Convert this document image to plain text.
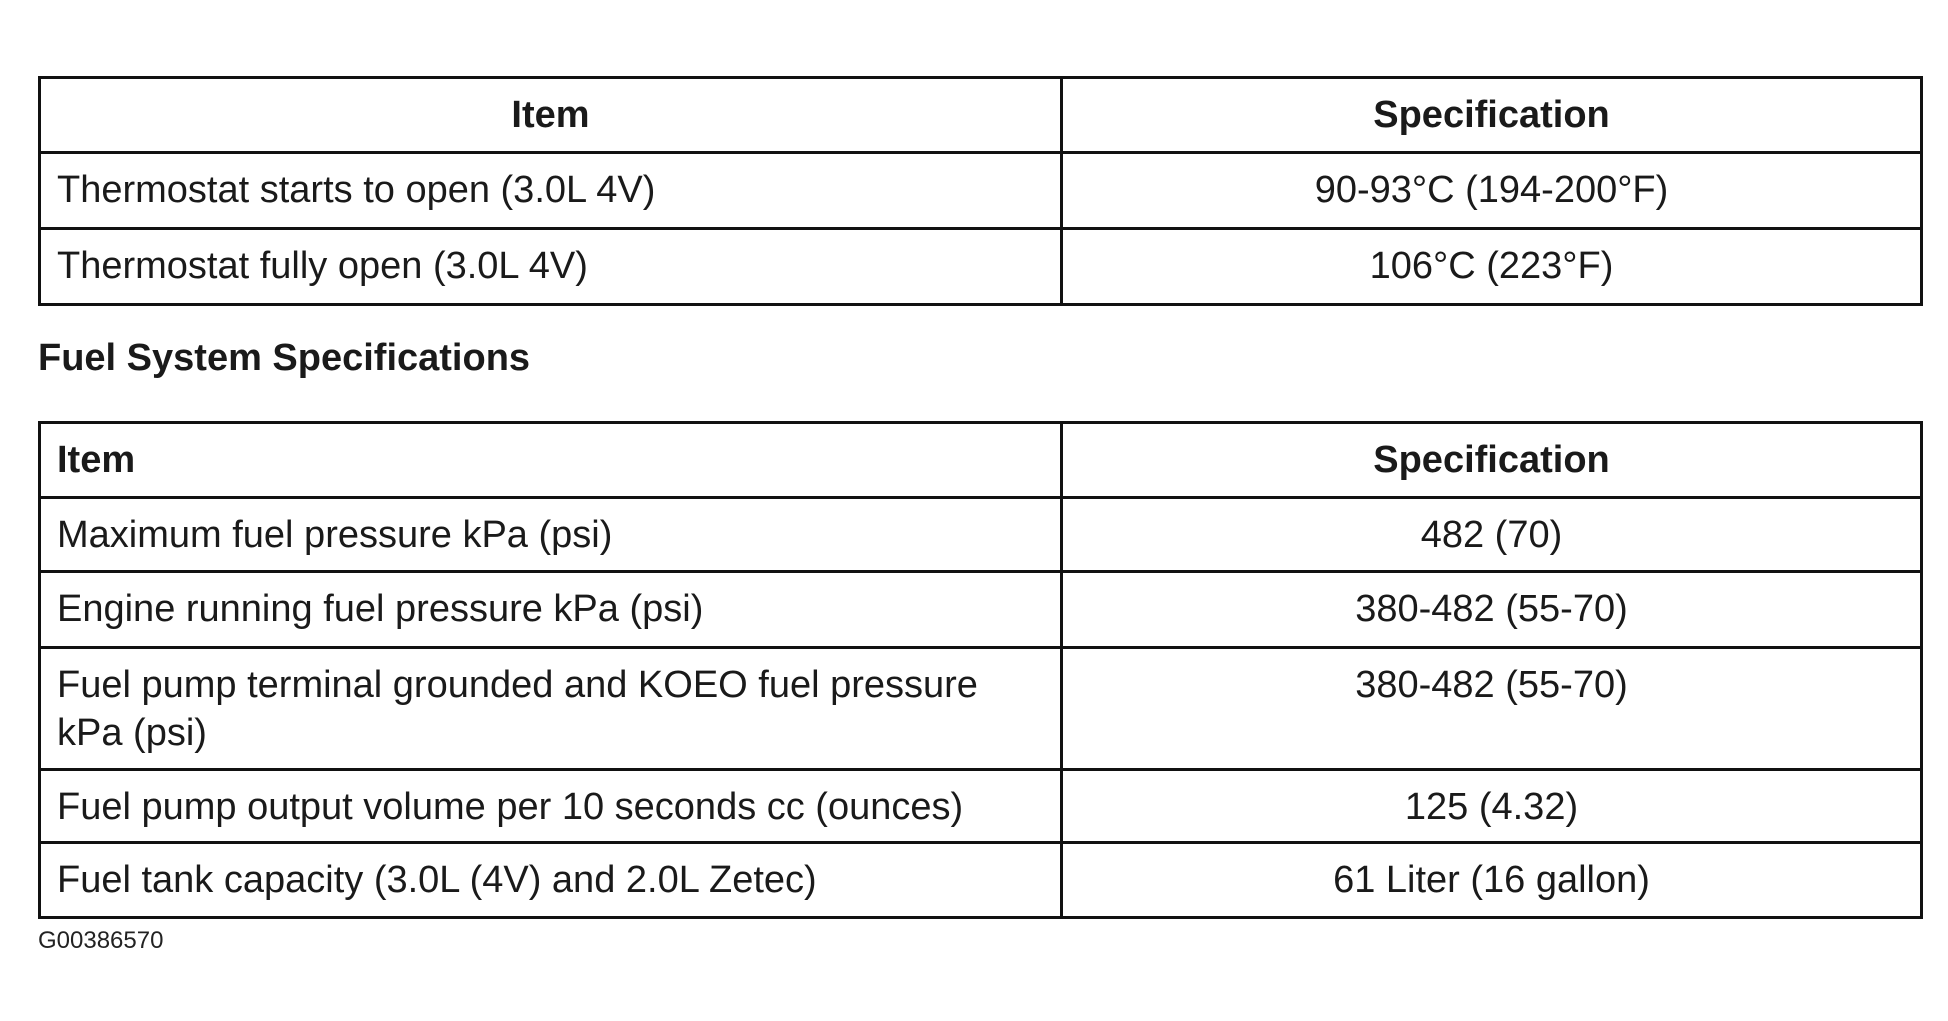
Item	Specification
Thermostat starts to open (3.0L 4V)	90-93°C (194-200°F)
Thermostat fully open (3.0L 4V)	106°C (223°F)
Fuel System Specifications
Item	Specification
Maximum fuel pressure kPa (psi)	482 (70)
Engine running fuel pressure kPa (psi)	380-482 (55-70)
Fuel pump terminal grounded and KOEO fuel pressure kPa (psi)	380-482 (55-70)
Fuel pump output volume per 10 seconds cc (ounces)	125 (4.32)
Fuel tank capacity (3.0L (4V) and 2.0L Zetec)	61 Liter (16 gallon)
G00386570
